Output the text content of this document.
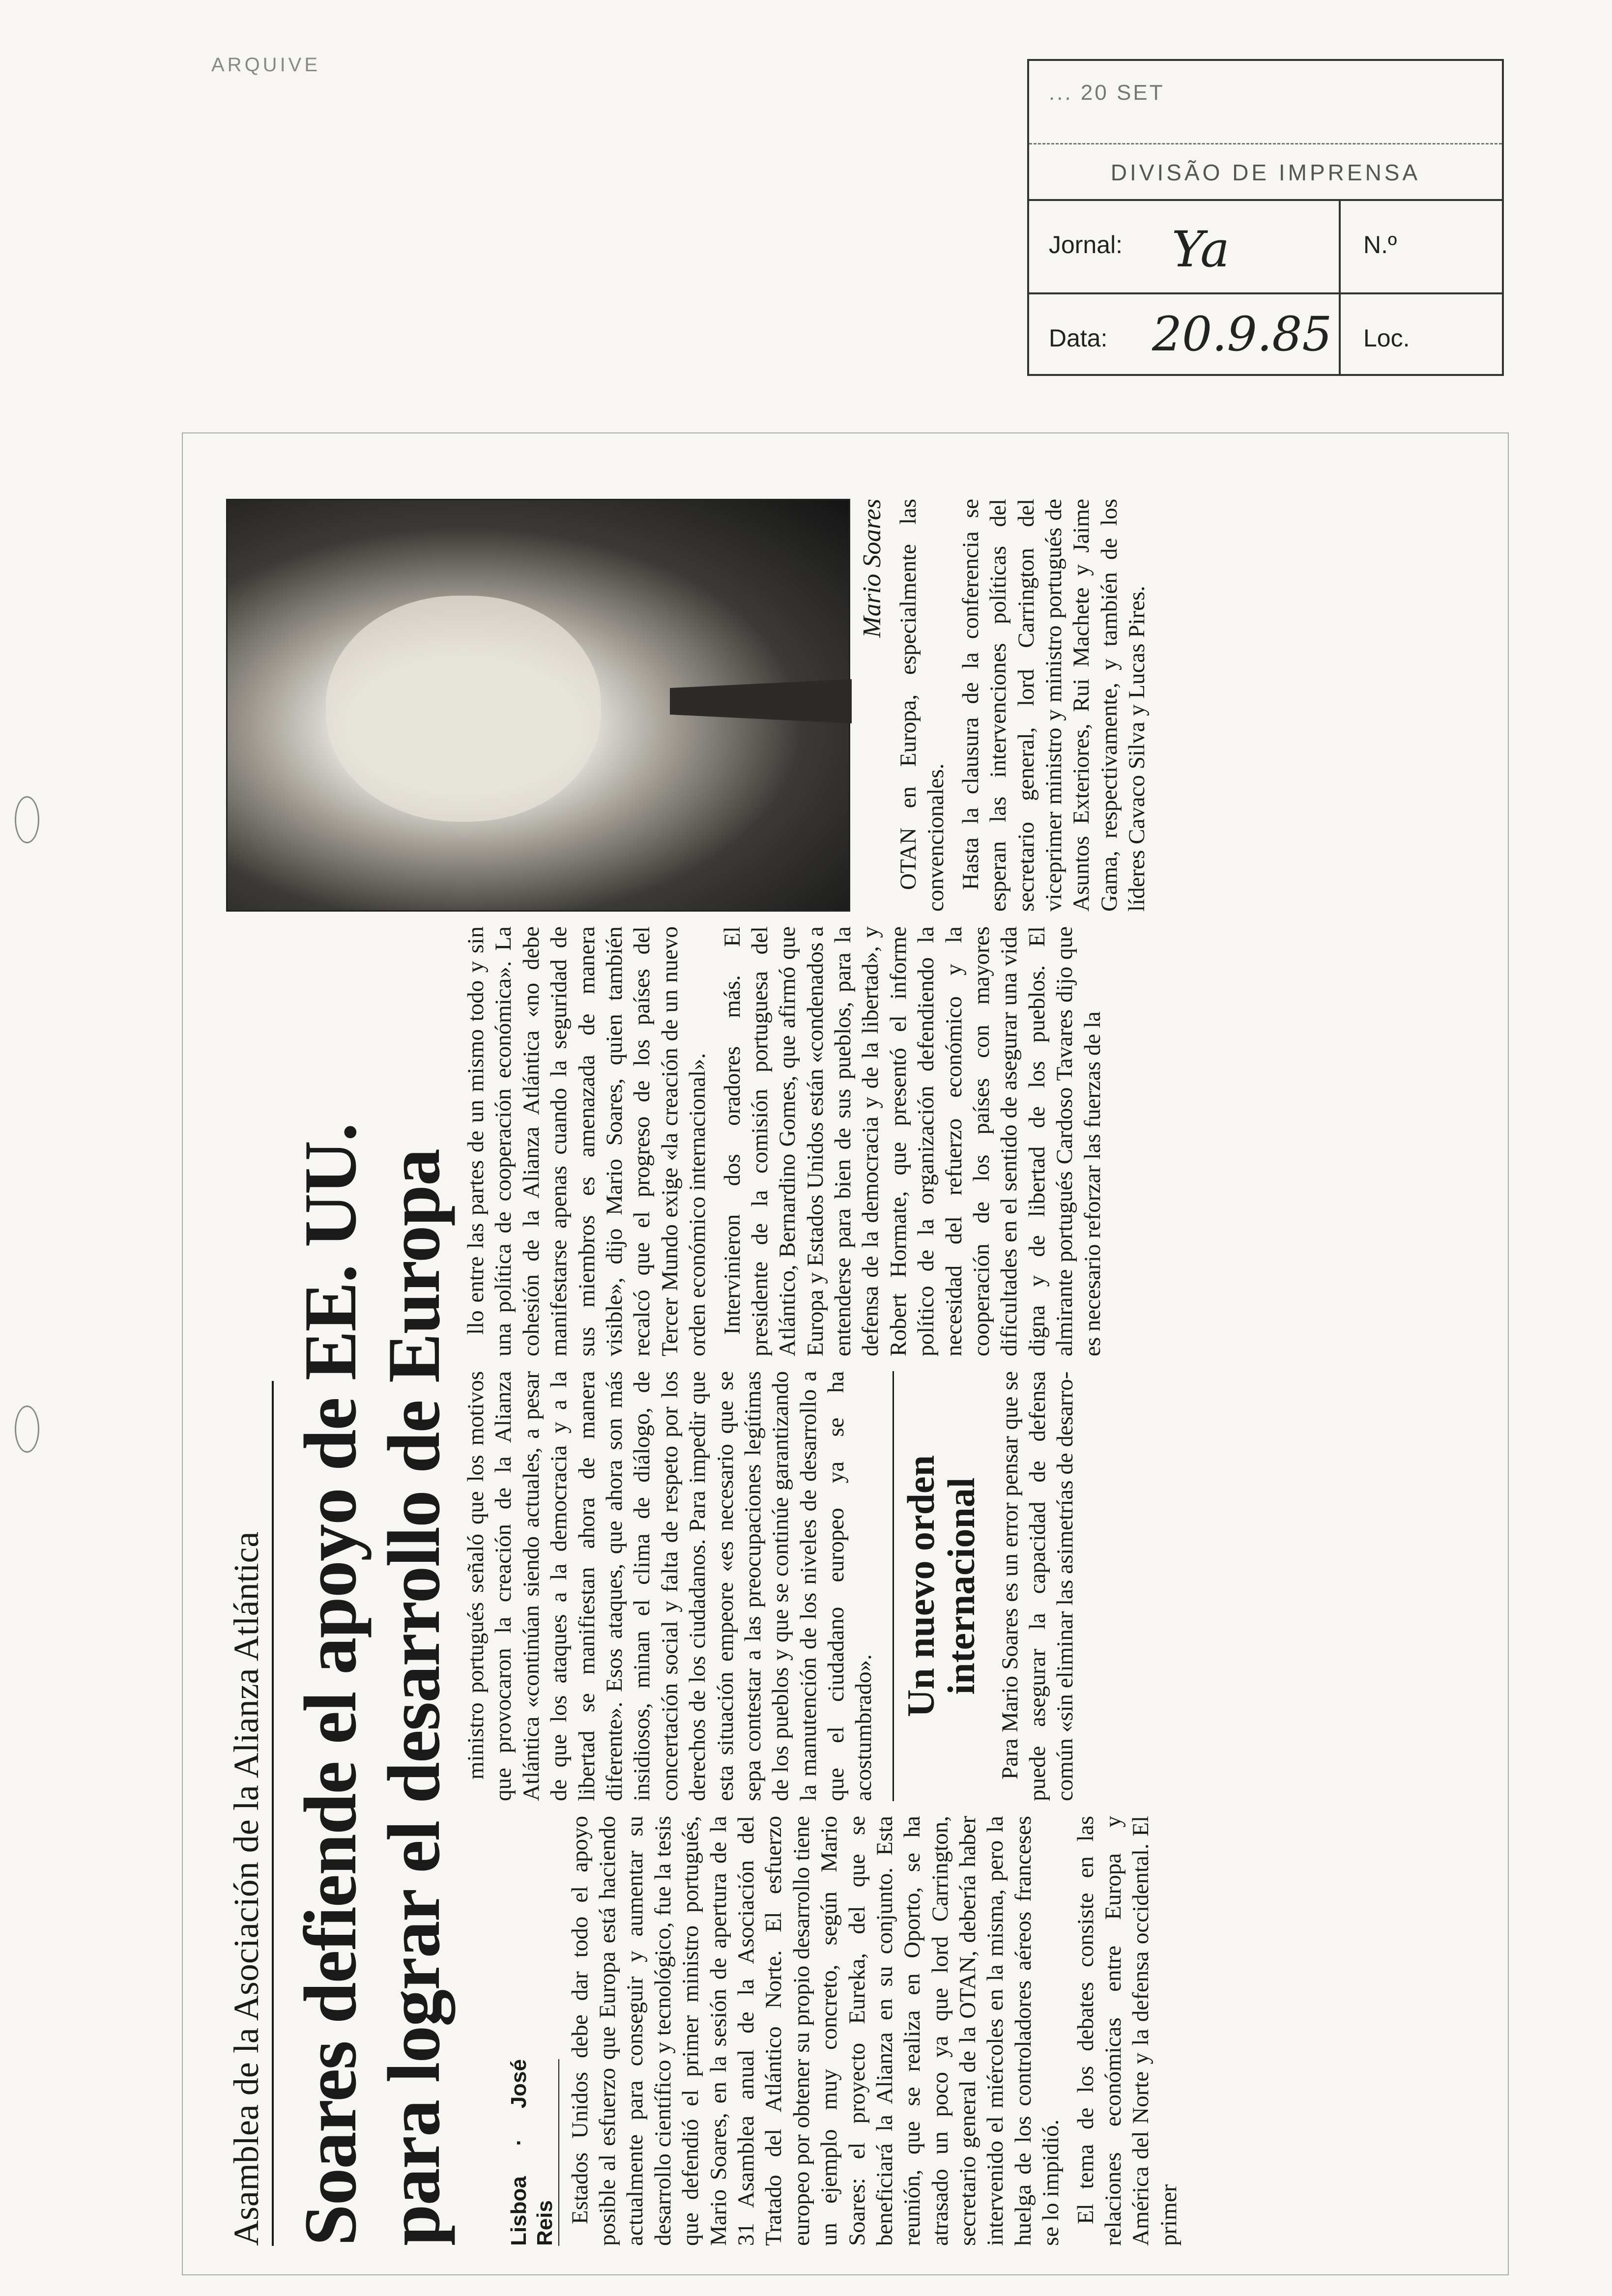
ARQUIVE
... 20 SET
DIVISÃO DE IMPRENSA
Jornal: Ya	N.º
Data: 20.9.85 Loc.
Asamblea de la Asociación de la Alianza Atlántica Soares defiende el apoyo de EE. UU.
para lograr el desarrollo de Europa Lisboa · José Reis Estados Unidos debe dar todo el apoyo posible al esfuerzo que Europa está haciendo actualmente para conseguir y aumentar su desarrollo científico y tecnológico, fue la tesis que defendió el primer ministro portugués, Mario Soares, en la sesión de apertura de la 31 Asamblea anual de la Asociación del Tratado del Atlántico Norte. El esfuerzo europeo por obtener su propio desarrollo tiene un ejemplo muy concreto, según Mario Soares: el proyecto Eureka, del que se beneficiará la Alianza en su conjunto. Esta reunión, que se realiza en Oporto, se ha atrasado un poco ya que lord Carrington, secretario general de la OTAN, debería haber intervenido el miércoles en la misma, pero la huelga de los controladores aéreos franceses se lo impidió. El tema de los debates consiste en las relaciones económicas entre Europa y América del Norte y la defensa occidental. El primer

ministro portugués señaló que los motivos que provocaron la creación de la Alianza Atlántica «continúan siendo actuales, a pesar de que los ataques a la democracia y a la libertad se manifiestan ahora de manera diferente». Esos ataques, que ahora son más insidiosos, minan el clima de diálogo, de concertación social y falta de respeto por los derechos de los ciudadanos. Para impedir que esta situación empeore «es necesario que se sepa contestar a las preocupaciones legítimas de los pueblos y que se continúe garantizando la manutención de los niveles de desarrollo a que el ciudadano europeo ya se ha acostumbrado».

Un nuevo orden internacional Para Mario Soares es un error pensar que se puede asegurar la capacidad de defensa común «sin eliminar las asimetrías de desarro-

llo entre las partes de un mismo todo y sin una política de cooperación económica». La cohesión de la Alianza Atlántica «no debe manifestarse apenas cuando la seguridad de sus miembros es amenazada de manera visible», dijo Mario Soares, quien también recalcó que el progreso de los países del Tercer Mundo exige «la creación de un nuevo orden económico internacional». Intervinieron dos oradores más. El presidente de la comisión portuguesa del Atlántico, Bernardino Gomes, que afirmó que Europa y Estados Unidos están «condenados a entenderse para bien de sus pueblos, para la defensa de la democracia y de la libertad», y Robert Hormate, que presentó el informe político de la organización defendiendo la necesidad del refuerzo económico y la cooperación de los países con mayores dificultades en el sentido de asegurar una vida digna y de libertad de los pueblos. El almirante portugués Cardoso Tavares dijo que es necesario reforzar las fuerzas de la

Mario Soares OTAN en Europa, especialmente las convencionales. Hasta la clausura de la conferencia se esperan las intervenciones políticas del secretario general, lord Carrington del viceprimer ministro y ministro portugués de Asuntos Exteriores, Rui Machete y Jaime Gama, respectivamente, y también de los líderes Cavaco Silva y Lucas Pires.
